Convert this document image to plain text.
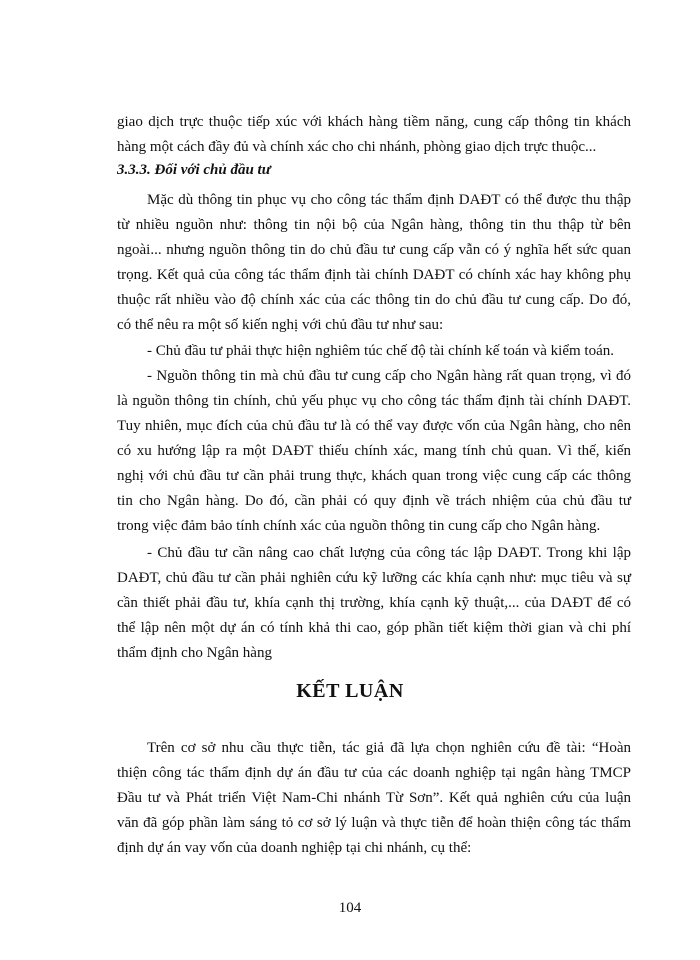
giao dịch trực thuộc tiếp xúc với khách hàng tiềm năng, cung cấp thông tin khách
hàng một cách đầy đủ và chính xác cho chi nhánh, phòng giao dịch trực thuộc...
3.3.3. Đối với chủ đầu tư
Mặc dù thông tin phục vụ cho công tác thẩm định DAĐT có thể được thu thập
từ nhiều nguồn như: thông tin nội bộ của Ngân hàng, thông tin thu thập từ bên
ngoài... nhưng nguồn thông tin do chủ đầu tư cung cấp vẫn có ý nghĩa hết sức quan
trọng. Kết quả của công tác thẩm định tài chính DAĐT có chính xác hay không phụ
thuộc rất nhiều vào độ chính xác của các thông tin do chủ đầu tư cung cấp. Do đó,
có thể nêu ra một số kiến nghị với chủ đầu tư như sau:
- Chủ đầu tư phải thực hiện nghiêm túc chế độ tài chính kế toán và kiểm toán.
- Nguồn thông tin mà chủ đầu tư cung cấp cho Ngân hàng rất quan trọng, vì đó
là nguồn thông tin chính, chủ yếu phục vụ cho công tác thẩm định tài chính DAĐT.
Tuy nhiên, mục đích của chủ đầu tư là có thể vay được vốn của Ngân hàng, cho nên
có xu hướng lập ra một DAĐT thiếu chính xác, mang tính chủ quan. Vì thế, kiến
nghị với chủ đầu tư cần phải trung thực, khách quan trong việc cung cấp các thông
tin cho Ngân hàng. Do đó, cần phải có quy định về trách nhiệm của chủ đầu tư
trong việc đảm bảo tính chính xác của nguồn thông tin cung cấp cho Ngân hàng.
- Chủ đầu tư cần nâng cao chất lượng của công tác lập DAĐT. Trong khi lập
DAĐT, chủ đầu tư cần phải nghiên cứu kỹ lưỡng các khía cạnh như: mục tiêu và sự
cần thiết phải đầu tư, khía cạnh thị trường, khía cạnh kỹ thuật,... của DAĐT để có
thể lập nên một dự án có tính khả thi cao, góp phần tiết kiệm thời gian và chi phí
thẩm định cho Ngân hàng
KẾT LUẬN
Trên cơ sở nhu cầu thực tiễn, tác giả đã lựa chọn nghiên cứu đề tài: “Hoàn
thiện công tác thẩm định dự án đầu tư của các doanh nghiệp tại ngân hàng TMCP
Đầu tư và Phát triển Việt Nam-Chi nhánh Từ Sơn”. Kết quả nghiên cứu của luận
văn đã góp phần làm sáng tỏ cơ sở lý luận và thực tiễn để hoàn thiện công tác thẩm
định dự án vay vốn của doanh nghiệp tại chi nhánh, cụ thể:
104
